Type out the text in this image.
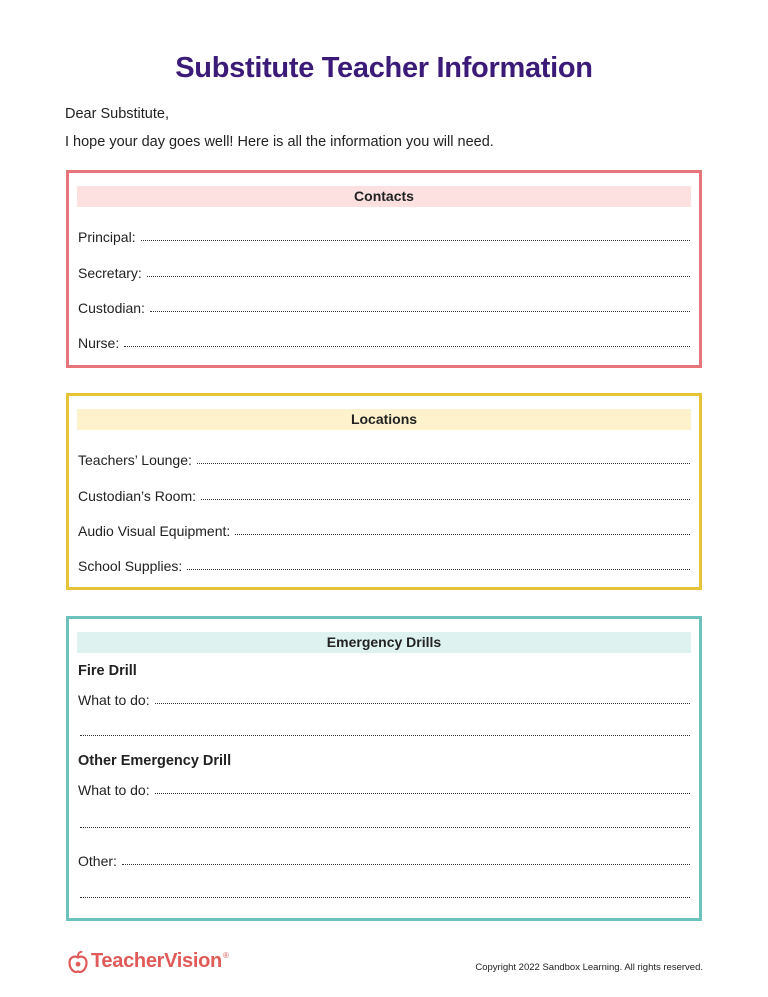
Substitute Teacher Information
Dear Substitute,
I hope your day goes well! Here is all the information you will need.
Contacts
Principal:
Secretary:
Custodian:
Nurse:
Locations
Teachers’ Lounge:
Custodian’s Room:
Audio Visual Equipment:
School Supplies:
Emergency Drills
Fire Drill
What to do:
Other Emergency Drill
What to do:
Other:
TeacherVision ®
Copyright 2022 Sandbox Learning. All rights reserved.
